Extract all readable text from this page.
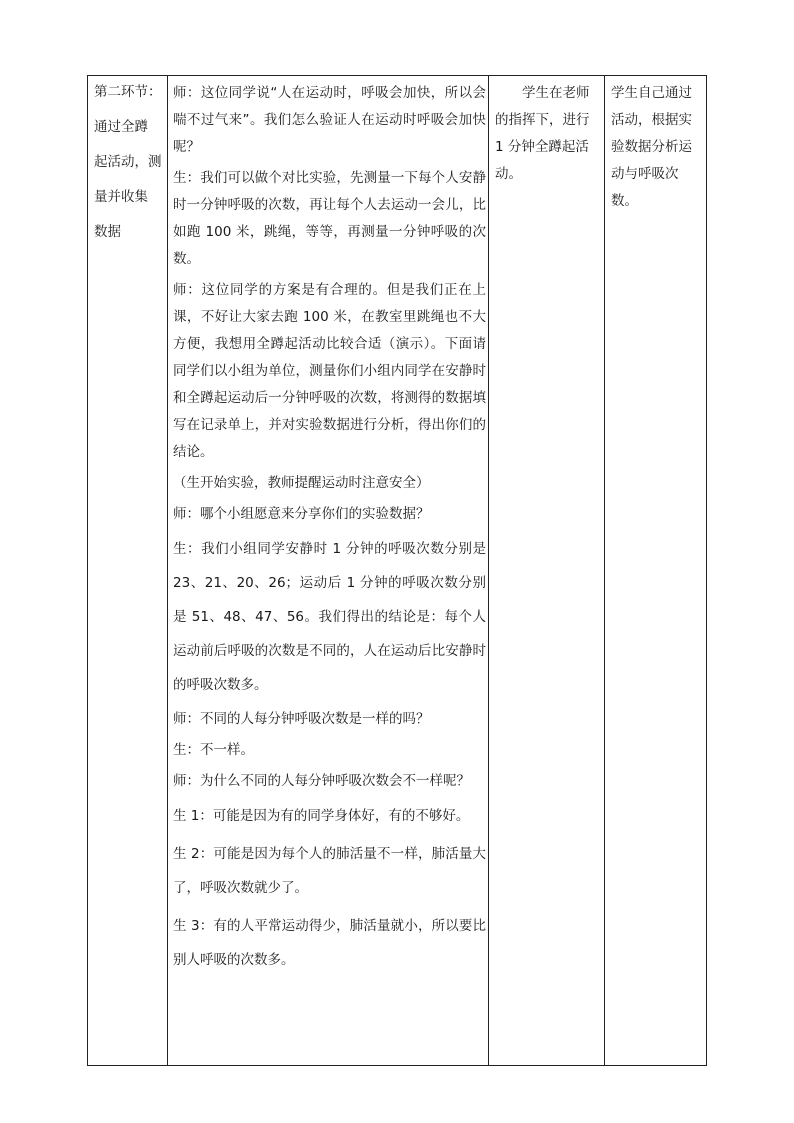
第二环节：
通过全蹲
起活动，测
量并收集
数据

师：这位同学说“人在运动时，呼吸会加快，所以会喘不过气来”。我们怎么验证人在运动时呼吸会加快呢？

生：我们可以做个对比实验，先测量一下每个人安静时一分钟呼吸的次数，再让每个人去运动一会儿，比如跑 100 米，跳绳，等等，再测量一分钟呼吸的次数。

师：这位同学的方案是有合理的。但是我们正在上课，不好让大家去跑 100 米，在教室里跳绳也不大方便，我想用全蹲起活动比较合适（演示）。下面请同学们以小组为单位，测量你们小组内同学在安静时和全蹲起运动后一分钟呼吸的次数，将测得的数据填写在记录单上，并对实验数据进行分析，得出你们的结论。

（生开始实验，教师提醒运动时注意安全）

师：哪个小组愿意来分享你们的实验数据？

生：我们小组同学安静时 1 分钟的呼吸次数分别是 23、21、20、26；运动后 1 分钟的呼吸次数分别是 51、48、47、56。我们得出的结论是：每个人运动前后呼吸的次数是不同的，人在运动后比安静时的呼吸次数多。

师：不同的人每分钟呼吸次数是一样的吗？

生：不一样。

师：为什么不同的人每分钟呼吸次数会不一样呢？

生 1：可能是因为有的同学身体好，有的不够好。

生 2：可能是因为每个人的肺活量不一样，肺活量大了，呼吸次数就少了。

生 3：有的人平常运动得少，肺活量就小，所以要比别人呼吸的次数多。

学生在老师的指挥下，进行 1 分钟全蹲起活动。

学生自己通过活动，根据实验数据分析运动与呼吸次数。
